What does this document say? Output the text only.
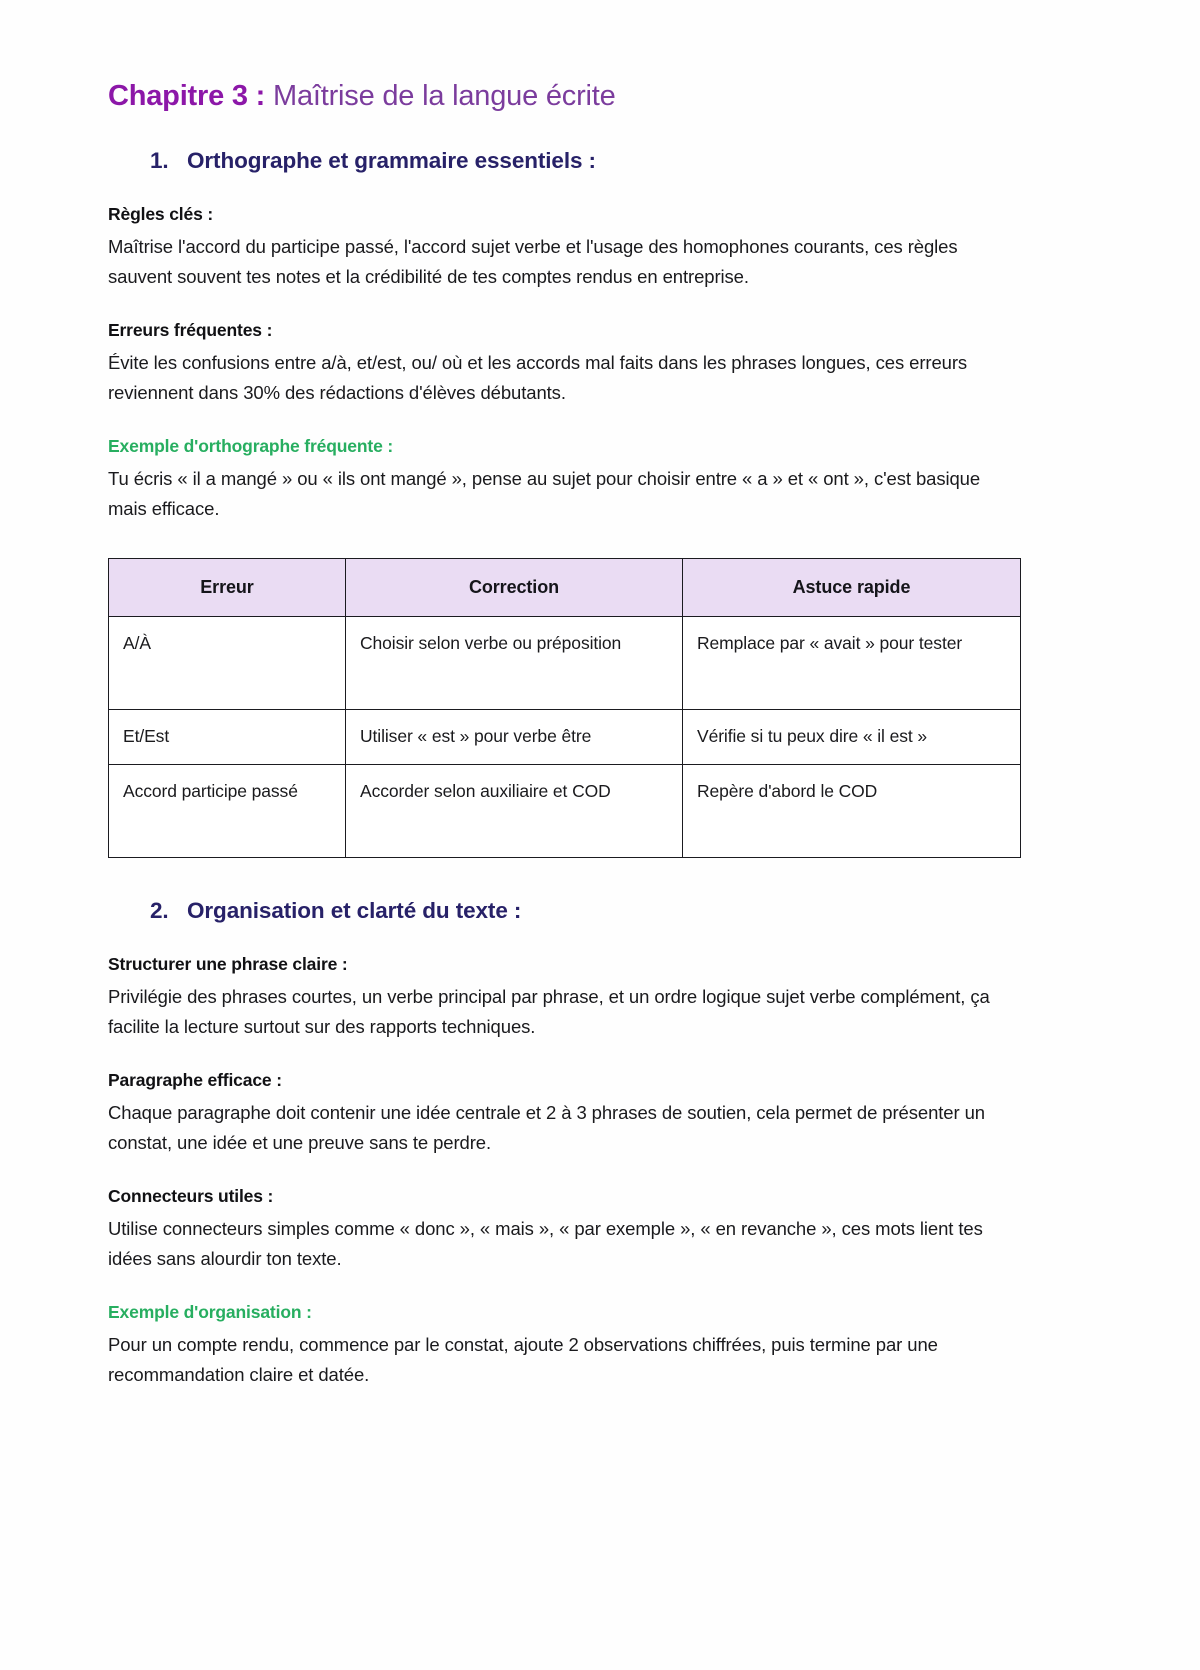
Chapitre 3 : Maîtrise de la langue écrite
1. Orthographe et grammaire essentiels :
Règles clés :

Maîtrise l'accord du participe passé, l'accord sujet verbe et l'usage des homophones courants, ces règles sauvent souvent tes notes et la crédibilité de tes comptes rendus en entreprise.

Erreurs fréquentes :

Évite les confusions entre a/à, et/est, ou/ où et les accords mal faits dans les phrases longues, ces erreurs reviennent dans 30% des rédactions d'élèves débutants.

Exemple d'orthographe fréquente :

Tu écris « il a mangé » ou « ils ont mangé », pense au sujet pour choisir entre « a » et « ont », c'est basique mais efficace.

Erreur	Correction	Astuce rapide
A/À	Choisir selon verbe ou préposition	Remplace par « avait » pour tester
Et/Est	Utiliser « est » pour verbe être	Vérifie si tu peux dire « il est »
Accord participe passé	Accorder selon auxiliaire et COD	Repère d'abord le COD
2. Organisation et clarté du texte :
Structurer une phrase claire :

Privilégie des phrases courtes, un verbe principal par phrase, et un ordre logique sujet verbe complément, ça facilite la lecture surtout sur des rapports techniques.

Paragraphe efficace :

Chaque paragraphe doit contenir une idée centrale et 2 à 3 phrases de soutien, cela permet de présenter un constat, une idée et une preuve sans te perdre.

Connecteurs utiles :

Utilise connecteurs simples comme « donc », « mais », « par exemple », « en revanche », ces mots lient tes idées sans alourdir ton texte.

Exemple d'organisation :

Pour un compte rendu, commence par le constat, ajoute 2 observations chiffrées, puis termine par une recommandation claire et datée.
